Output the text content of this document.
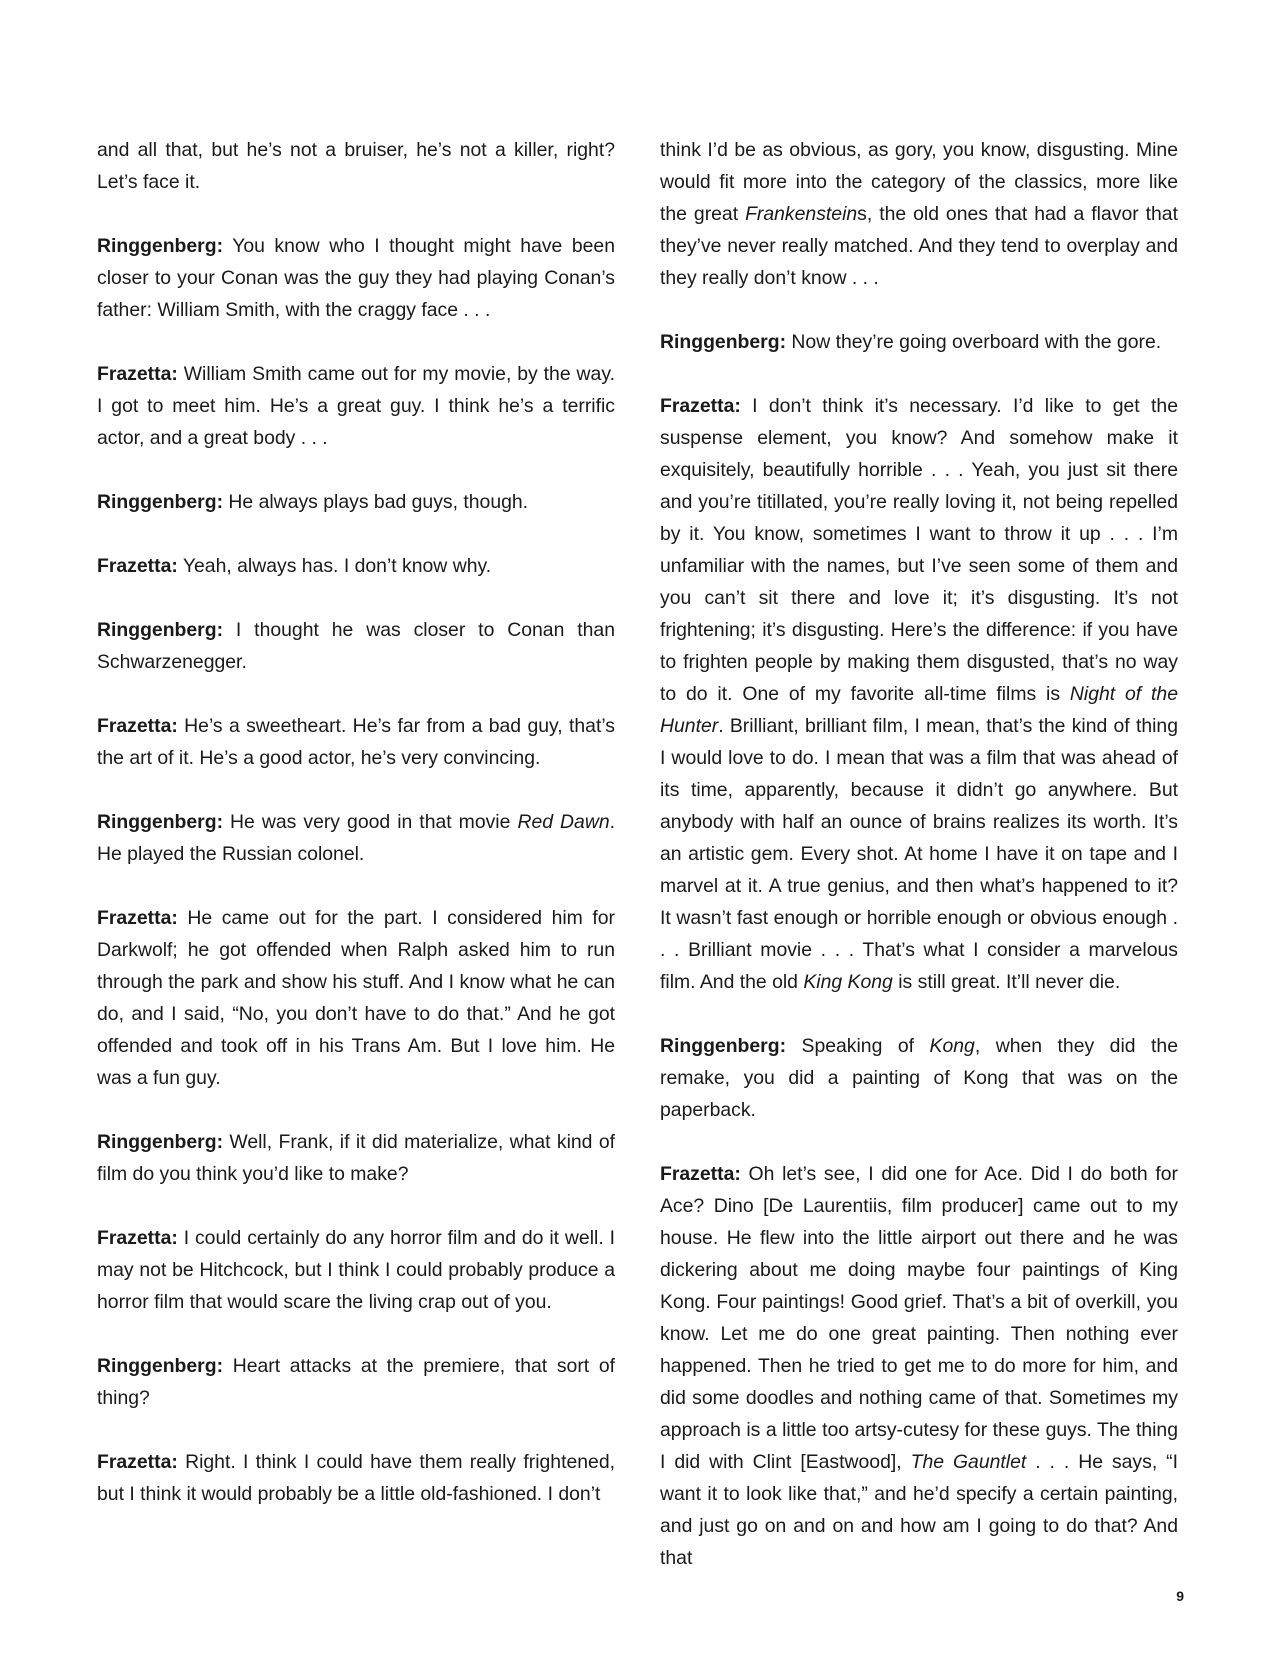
and all that, but he’s not a bruiser, he’s not a killer, right? Let’s face it.

Ringgenberg: You know who I thought might have been closer to your Conan was the guy they had playing Conan’s father: William Smith, with the craggy face . . .

Frazetta: William Smith came out for my movie, by the way. I got to meet him. He’s a great guy. I think he’s a terrific actor, and a great body . . .

Ringgenberg: He always plays bad guys, though.

Frazetta: Yeah, always has. I don’t know why.

Ringgenberg: I thought he was closer to Conan than Schwarzenegger.

Frazetta: He’s a sweetheart. He’s far from a bad guy, that’s the art of it. He’s a good actor, he’s very convincing.

Ringgenberg: He was very good in that movie Red Dawn. He played the Russian colonel.

Frazetta: He came out for the part. I considered him for Darkwolf; he got offended when Ralph asked him to run through the park and show his stuff. And I know what he can do, and I said, “No, you don’t have to do that.” And he got offended and took off in his Trans Am. But I love him. He was a fun guy.

Ringgenberg: Well, Frank, if it did materialize, what kind of film do you think you’d like to make?

Frazetta: I could certainly do any horror film and do it well. I may not be Hitchcock, but I think I could probably produce a horror film that would scare the living crap out of you.

Ringgenberg: Heart attacks at the premiere, that sort of thing?

Frazetta: Right. I think I could have them really frightened, but I think it would probably be a little old-fashioned. I don’t

think I’d be as obvious, as gory, you know, disgusting. Mine would fit more into the category of the classics, more like the great Frankensteins, the old ones that had a flavor that they’ve never really matched. And they tend to overplay and they really don’t know . . .

Ringgenberg: Now they’re going overboard with the gore.

Frazetta: I don’t think it’s necessary. I’d like to get the suspense element, you know? And somehow make it exquisitely, beautifully horrible . . . Yeah, you just sit there and you’re titillated, you’re really loving it, not being repelled by it. You know, sometimes I want to throw it up . . . I’m unfamiliar with the names, but I’ve seen some of them and you can’t sit there and love it; it’s disgusting. It’s not frightening; it’s disgusting. Here’s the difference: if you have to frighten people by making them disgusted, that’s no way to do it. One of my favorite all-time films is Night of the Hunter. Brilliant, brilliant film, I mean, that’s the kind of thing I would love to do. I mean that was a film that was ahead of its time, apparently, because it didn’t go anywhere. But anybody with half an ounce of brains realizes its worth. It’s an artistic gem. Every shot. At home I have it on tape and I marvel at it. A true genius, and then what’s happened to it? It wasn’t fast enough or horrible enough or obvious enough . . . Brilliant movie . . . That’s what I consider a marvelous film. And the old King Kong is still great. It’ll never die.

Ringgenberg: Speaking of Kong, when they did the remake, you did a painting of Kong that was on the paperback.

Frazetta: Oh let’s see, I did one for Ace. Did I do both for Ace? Dino [De Laurentiis, film producer] came out to my house. He flew into the little airport out there and he was dickering about me doing maybe four paintings of King Kong. Four paintings! Good grief. That’s a bit of overkill, you know. Let me do one great painting. Then nothing ever happened. Then he tried to get me to do more for him, and did some doodles and nothing came of that. Sometimes my approach is a little too artsy-cutesy for these guys. The thing I did with Clint [Eastwood], The Gauntlet . . . He says, “I want it to look like that,” and he’d specify a certain painting, and just go on and on and how am I going to do that? And that

9
